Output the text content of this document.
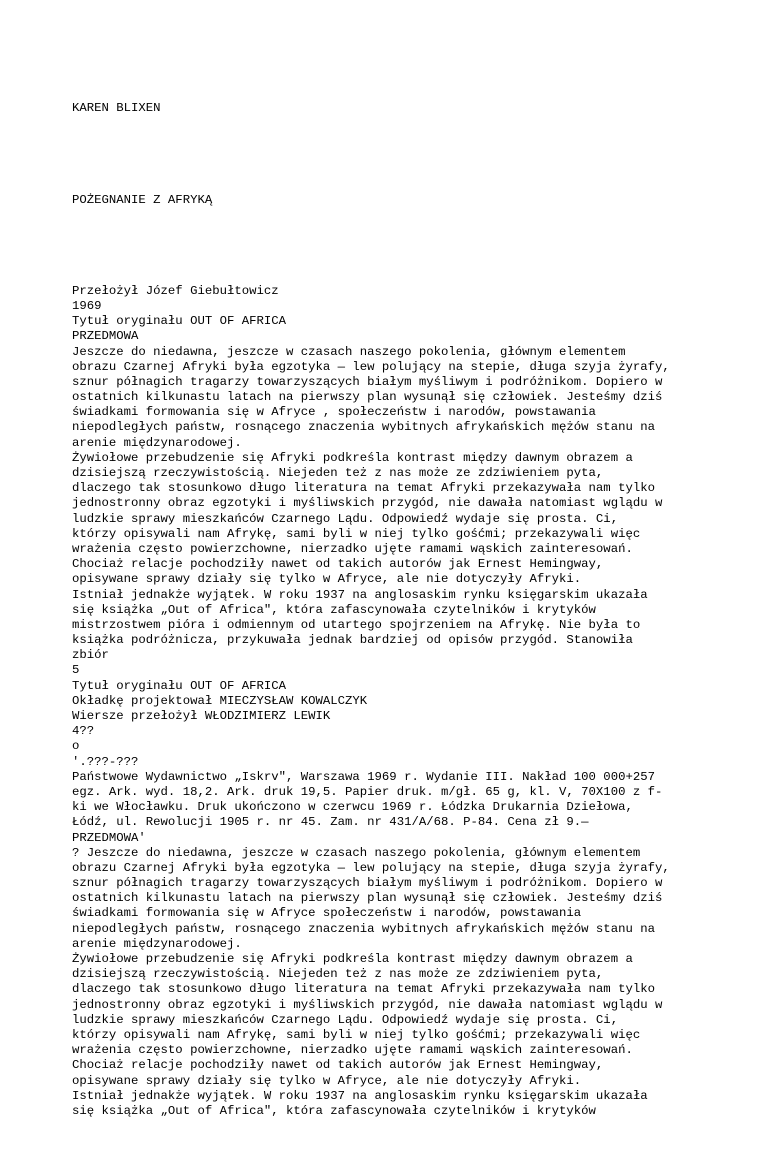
KAREN BLIXEN

POŻEGNANIE Z AFRYKĄ

Przełożył Józef Giebułtowicz
1969
Tytuł oryginału OUT OF AFRICA
PRZEDMOWA
Jeszcze do niedawna, jeszcze w czasach naszego pokolenia, głównym elementem
obrazu Czarnej Afryki była egzotyka — lew polujący na stepie, długa szyja żyrafy,
sznur półnagich tragarzy towarzyszących białym myśliwym i podróżnikom. Dopiero w
ostatnich kilkunastu latach na pierwszy plan wysunął się człowiek. Jesteśmy dziś
świadkami formowania się w Afryce , społeczeństw i narodów, powstawania
niepodległych państw, rosnącego znaczenia wybitnych afrykańskich mężów stanu na
arenie międzynarodowej.
Żywiołowe przebudzenie się Afryki podkreśla kontrast między dawnym obrazem a
dzisiejszą rzeczywistością. Niejeden też z nas może ze zdziwieniem pyta,
dlaczego tak stosunkowo długo literatura na temat Afryki przekazywała nam tylko
jednostronny obraz egzotyki i myśliwskich przygód, nie dawała natomiast wglądu w
ludzkie sprawy mieszkańców Czarnego Lądu. Odpowiedź wydaje się prosta. Ci,
którzy opisywali nam Afrykę, sami byli w niej tylko gośćmi; przekazywali więc
wrażenia często powierzchowne, nierzadko ujęte ramami wąskich zainteresowań.
Chociaż relacje pochodziły nawet od takich autorów jak Ernest Hemingway,
opisywane sprawy działy się tylko w Afryce, ale nie dotyczyły Afryki.
Istniał jednakże wyjątek. W roku 1937 na anglosaskim rynku księgarskim ukazała
się książka „Out of Africa", która zafascynowała czytelników i krytyków
mistrzostwem pióra i odmiennym od utartego spojrzeniem na Afrykę. Nie była to
książka podróżnicza, przykuwała jednak bardziej od opisów przygód. Stanowiła
zbiór
5
Tytuł oryginału OUT OF AFRICA
Okładkę projektował MIECZYSŁAW KOWALCZYK
Wiersze przełożył WŁODZIMIERZ LEWIK
4??
o
'.???-???
Państwowe Wydawnictwo „Iskrv", Warszawa 1969 r. Wydanie III. Nakład 100 000+257
egz. Ark. wyd. 18,2. Ark. druk 19,5. Papier druk. m/gł. 65 g, kl. V, 70X100 z f-
ki we Włocławku. Druk ukończono w czerwcu 1969 r. Łódzka Drukarnia Dziełowa,
Łódź, ul. Rewolucji 1905 r. nr 45. Zam. nr 431/A/68. P-84. Cena zł 9.—
PRZEDMOWA'
? Jeszcze do niedawna, jeszcze w czasach naszego pokolenia, głównym elementem
obrazu Czarnej Afryki była egzotyka — lew polujący na stepie, długa szyja żyrafy,
sznur półnagich tragarzy towarzyszących białym myśliwym i podróżnikom. Dopiero w
ostatnich kilkunastu latach na pierwszy plan wysunął się człowiek. Jesteśmy dziś
świadkami formowania się w Afryce społeczeństw i narodów, powstawania
niepodległych państw, rosnącego znaczenia wybitnych afrykańskich mężów stanu na
arenie międzynarodowej.
Żywiołowe przebudzenie się Afryki podkreśla kontrast między dawnym obrazem a
dzisiejszą rzeczywistością. Niejeden też z nas może ze zdziwieniem pyta,
dlaczego tak stosunkowo długo literatura na temat Afryki przekazywała nam tylko
jednostronny obraz egzotyki i myśliwskich przygód, nie dawała natomiast wglądu w
ludzkie sprawy mieszkańców Czarnego Lądu. Odpowiedź wydaje się prosta. Ci,
którzy opisywali nam Afrykę, sami byli w niej tylko gośćmi; przekazywali więc
wrażenia często powierzchowne, nierzadko ujęte ramami wąskich zainteresowań.
Chociaż relacje pochodziły nawet od takich autorów jak Ernest Hemingway,
opisywane sprawy działy się tylko w Afryce, ale nie dotyczyły Afryki.
Istniał jednakże wyjątek. W roku 1937 na anglosaskim rynku księgarskim ukazała
się książka „Out of Africa", która zafascynowała czytelników i krytyków
